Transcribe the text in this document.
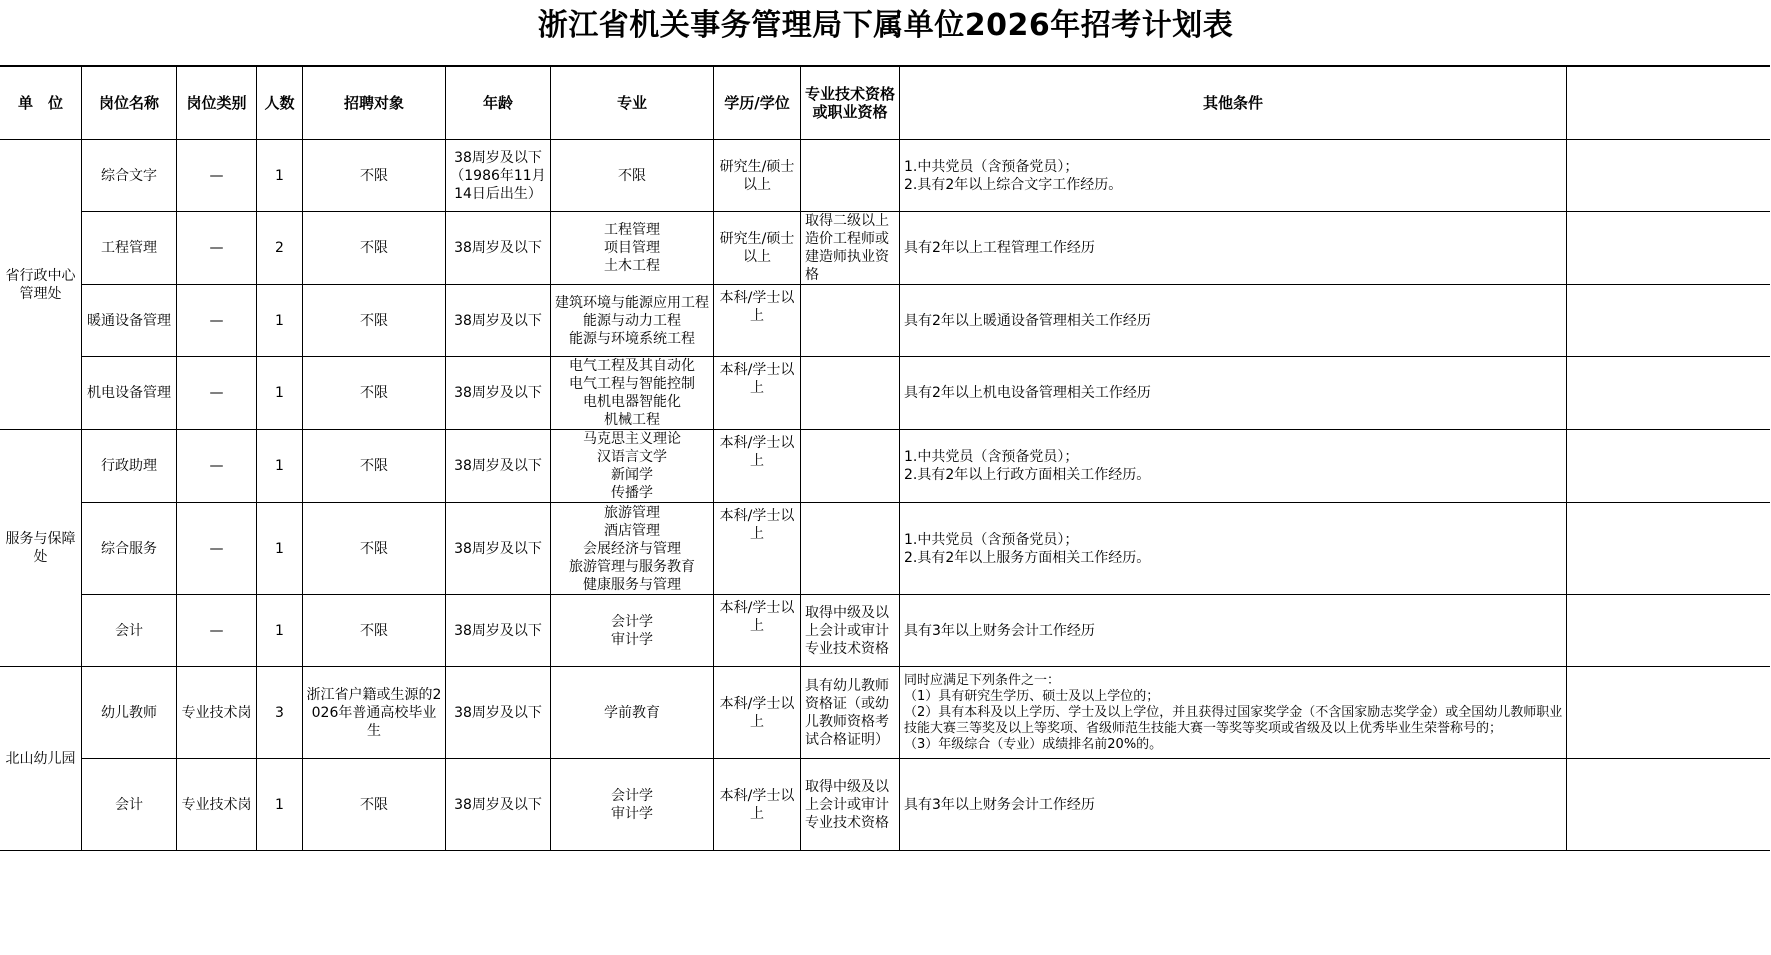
浙江省机关事务管理局下属单位2026年招考计划表
单　位	岗位名称	岗位类别	人数	招聘对象	年龄	专业	学历/学位	专业技术资格
或职业资格	其他条件	
省行政中心
管理处	综合文字	—	1	不限	38周岁及以下（1986年11月14日后出生）	不限	研究生/硕士以上		1.中共党员（含预备党员）；
2.具有2年以上综合文字工作经历。	
	工程管理	—	2	不限	38周岁及以下	工程管理
项目管理
土木工程	研究生/硕士以上	取得二级以上造价工程师或建造师执业资格	具有2年以上工程管理工作经历	
	暖通设备管理	—	1	不限	38周岁及以下	建筑环境与能源应用工程
能源与动力工程
能源与环境系统工程	本科/学士以上		具有2年以上暖通设备管理相关工作经历	
	机电设备管理	—	1	不限	38周岁及以下	电气工程及其自动化
电气工程与智能控制
电机电器智能化
机械工程	本科/学士以上		具有2年以上机电设备管理相关工作经历	
服务与保障处	行政助理	—	1	不限	38周岁及以下	马克思主义理论
汉语言文学
新闻学
传播学	本科/学士以上		1.中共党员（含预备党员）；
2.具有2年以上行政方面相关工作经历。	
	综合服务	—	1	不限	38周岁及以下	旅游管理
酒店管理
会展经济与管理
旅游管理与服务教育
健康服务与管理	本科/学士以上		1.中共党员（含预备党员）；
2.具有2年以上服务方面相关工作经历。	
	会计	—	1	不限	38周岁及以下	会计学
审计学	本科/学士以上	取得中级及以上会计或审计专业技术资格	具有3年以上财务会计工作经历	
北山幼儿园	幼儿教师	专业技术岗	3	浙江省户籍或生源的2026年普通高校毕业生	38周岁及以下	学前教育	本科/学士以上	具有幼儿教师资格证（或幼儿教师资格考试合格证明）	同时应满足下列条件之一：
（1）具有研究生学历、硕士及以上学位的；
（2）具有本科及以上学历、学士及以上学位，并且获得过国家奖学金（不含国家励志奖学金）或全国幼儿教师职业技能大赛三等奖及以上等奖项、省级师范生技能大赛一等奖等奖项或省级及以上优秀毕业生荣誉称号的；
（3）年级综合（专业）成绩排名前20%的。	
	会计	专业技术岗	1	不限	38周岁及以下	会计学
审计学	本科/学士以上	取得中级及以上会计或审计专业技术资格	具有3年以上财务会计工作经历	
